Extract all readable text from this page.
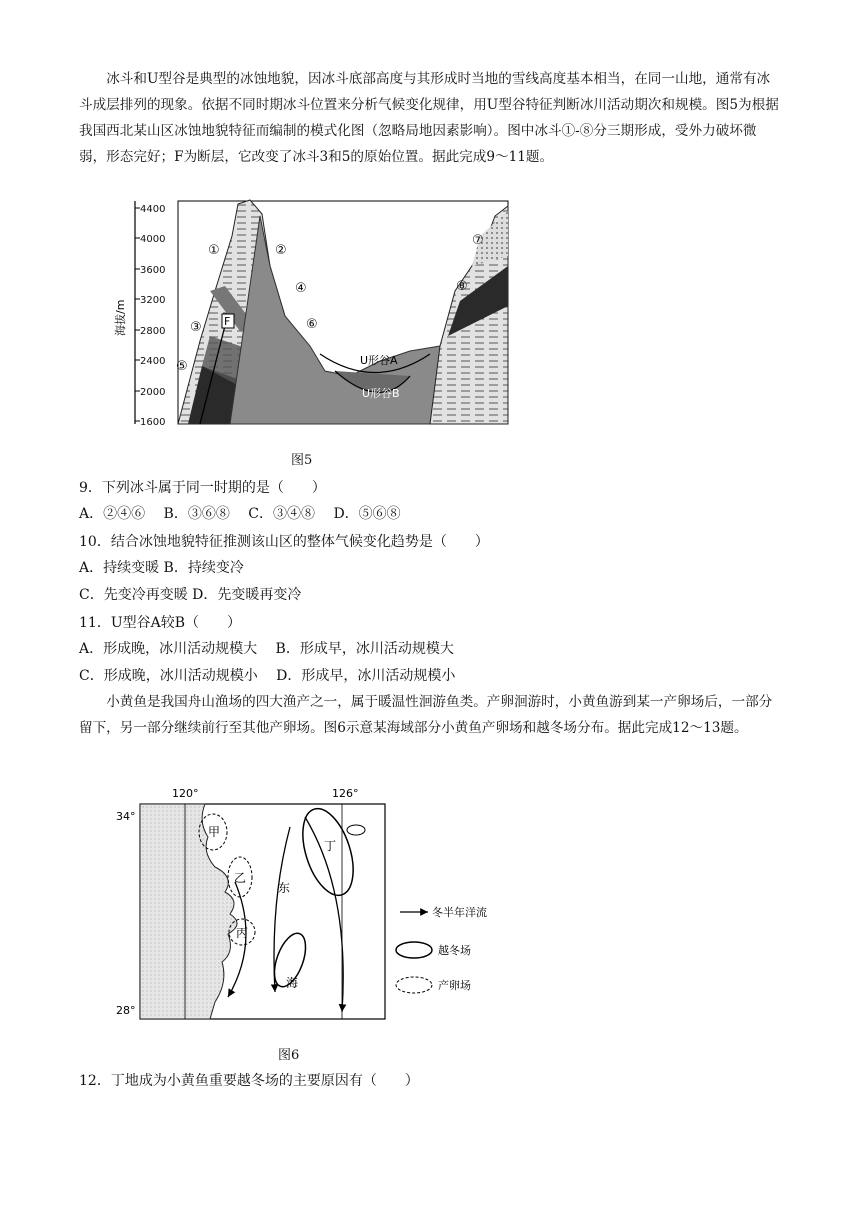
冰斗和U型谷是典型的冰蚀地貌，因冰斗底部高度与其形成时当地的雪线高度基本相当，在同一山地，通常有冰斗成层排列的现象。依据不同时期冰斗位置来分析气候变化规律，用U型谷特征判断冰川活动期次和规模。图5为根据我国西北某山区冰蚀地貌特征而编制的模式化图（忽略局地因素影响）。图中冰斗①-⑧分三期形成，受外力破坏微弱，形态完好；F为断层，它改变了冰斗3和5的原始位置。据此完成9～11题。

4400
4000
3600
3200
2800
2400
2000
1600
海拔/m	F
①	②
③
④
⑤
⑥
⑦
⑧
U形谷A
U形谷B
图5
9．下列冰斗属于同一时期的是（　　）
A．②④⑥　 B．③⑥⑧　 C．③④⑧　 D．⑤⑥⑧
10．结合冰蚀地貌特征推测该山区的整体气候变化趋势是（　　）
A．持续变暖 B．持续变冷
C．先变冷再变暖 D．先变暖再变冷
11．U型谷A较B（　　）
A．形成晚，冰川活动规模大　 B．形成早，冰川活动规模大
C．形成晚，冰川活动规模小　 D．形成早，冰川活动规模小

小黄鱼是我国舟山渔场的四大渔产之一，属于暖温性洄游鱼类。产卵洄游时，小黄鱼游到某一产卵场后，一部分留下，另一部分继续前行至其他产卵场。图6示意某海域部分小黄鱼产卵场和越冬场分布。据此完成12～13题。

120°	126°
34°
28°
甲
乙
丙
丁
东
海
冬半年洋流
越冬场
产卵场
图6
12．丁地成为小黄鱼重要越冬场的主要原因有（　　）
